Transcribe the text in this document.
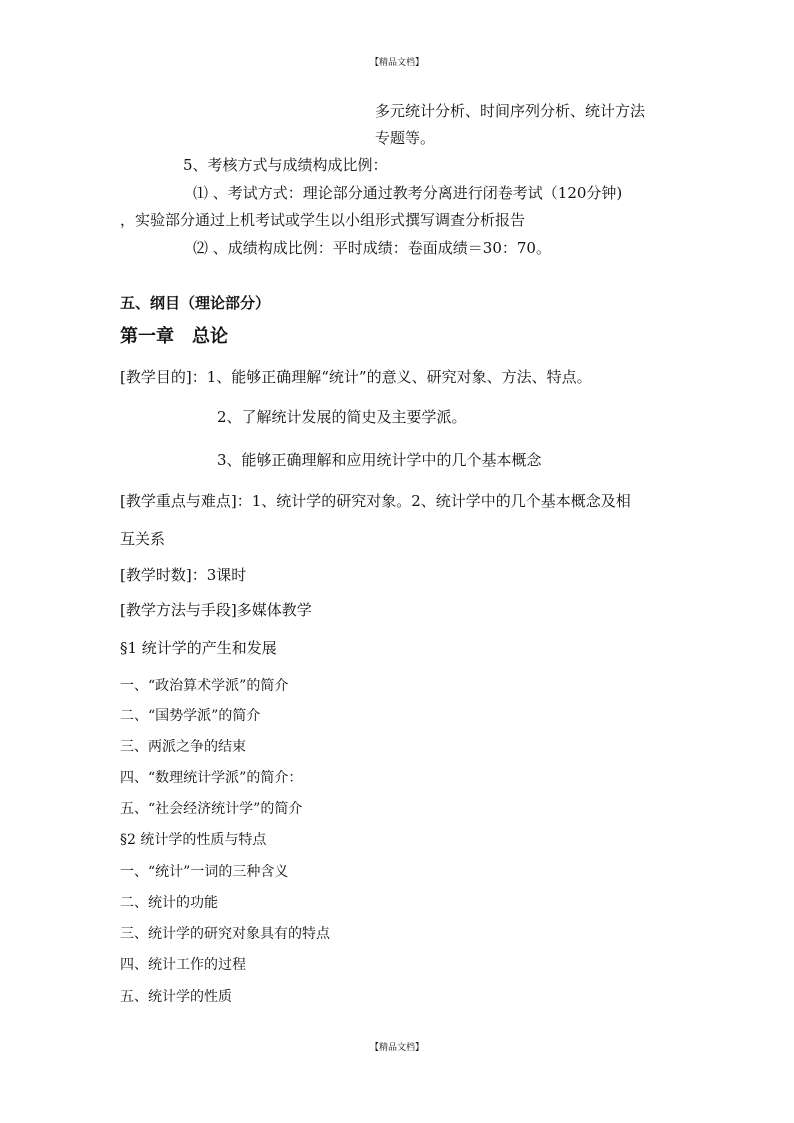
【精品文档】
多元统计分析、时间序列分析、统计方法
专题等。
5、考核方式与成绩构成比例：
⑴ 、考试方式：理论部分通过教考分离进行闭卷考试（120分钟)
，实验部分通过上机考试或学生以小组形式撰写调查分析报告
⑵ 、成绩构成比例：平时成绩：卷面成绩＝30：70。
五、纲目（理论部分）
第一章　总论
[教学目的]：1、能够正确理解“统计”的意义、研究对象、方法、特点。
2、了解统计发展的简史及主要学派。
3、能够正确理解和应用统计学中的几个基本概念
[教学重点与难点]：1、统计学的研究对象。2、统计学中的几个基本概念及相
互关系
[教学时数]：3课时
[教学方法与手段]多媒体教学
§1 统计学的产生和发展
一、“政治算术学派”的简介
二、“国势学派”的简介
三、两派之争的结束
四、“数理统计学派”的简介：
五、“社会经济统计学”的简介
§2 统计学的性质与特点
一、“统计”一词的三种含义
二、统计的功能
三、统计学的研究对象具有的特点
四、统计工作的过程
五、统计学的性质
【精品文档】
